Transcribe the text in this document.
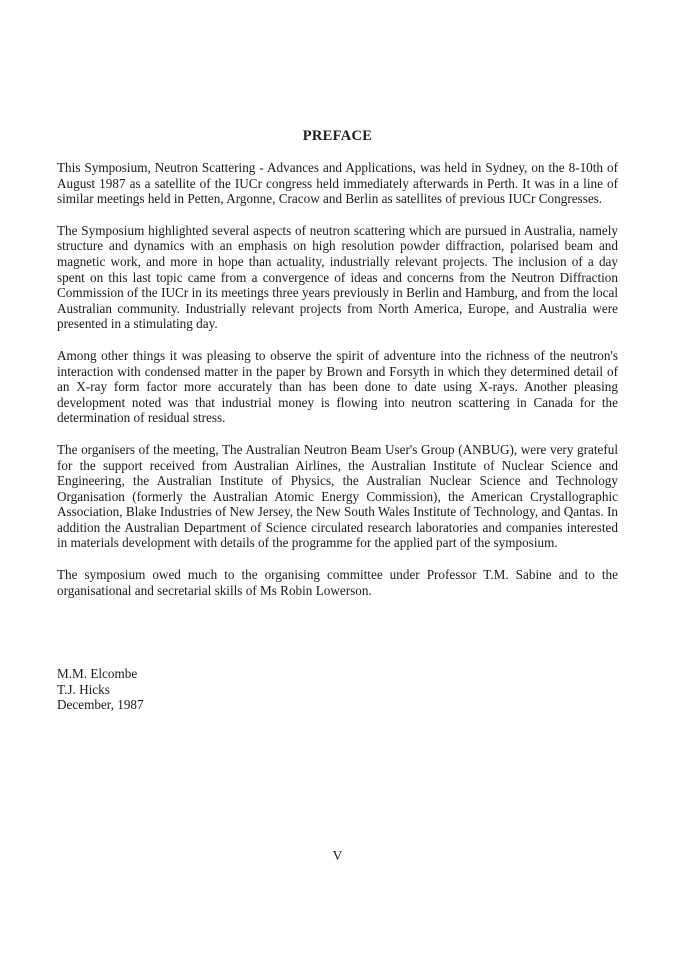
PREFACE

This Symposium, Neutron Scattering - Advances and Applications, was held in Sydney, on the 8-10th of August 1987 as a satellite of the IUCr congress held immediately afterwards in Perth. It was in a line of similar meetings held in Petten, Argonne, Cracow and Berlin as satellites of previous IUCr Congresses.

The Symposium highlighted several aspects of neutron scattering which are pursued in Australia, namely structure and dynamics with an emphasis on high resolution powder diffraction, polarised beam and magnetic work, and more in hope than actuality, industrially relevant projects. The inclusion of a day spent on this last topic came from a convergence of ideas and concerns from the Neutron Diffraction Commission of the IUCr in its meetings three years previously in Berlin and Hamburg, and from the local Australian community. Industrially relevant projects from North America, Europe, and Australia were presented in a stimulating day.

Among other things it was pleasing to observe the spirit of adventure into the richness of the neutron's interaction with condensed matter in the paper by Brown and Forsyth in which they determined detail of an X-ray form factor more accurately than has been done to date using X-rays. Another pleasing development noted was that industrial money is flowing into neutron scattering in Canada for the determination of residual stress.

The organisers of the meeting, The Australian Neutron Beam User's Group (ANBUG), were very grateful for the support received from Australian Airlines, the Australian Institute of Nuclear Science and Engineering, the Australian Institute of Physics, the Australian Nuclear Science and Technology Organisation (formerly the Australian Atomic Energy Commission), the American Crystallographic Association, Blake Industries of New Jersey, the New South Wales Institute of Technology, and Qantas. In addition the Australian Department of Science circulated research laboratories and companies interested in materials development with details of the programme for the applied part of the symposium.

The symposium owed much to the organising committee under Professor T.M. Sabine and to the organisational and secretarial skills of Ms Robin Lowerson.

M.M. Elcombe
T.J. Hicks
December, 1987
V
